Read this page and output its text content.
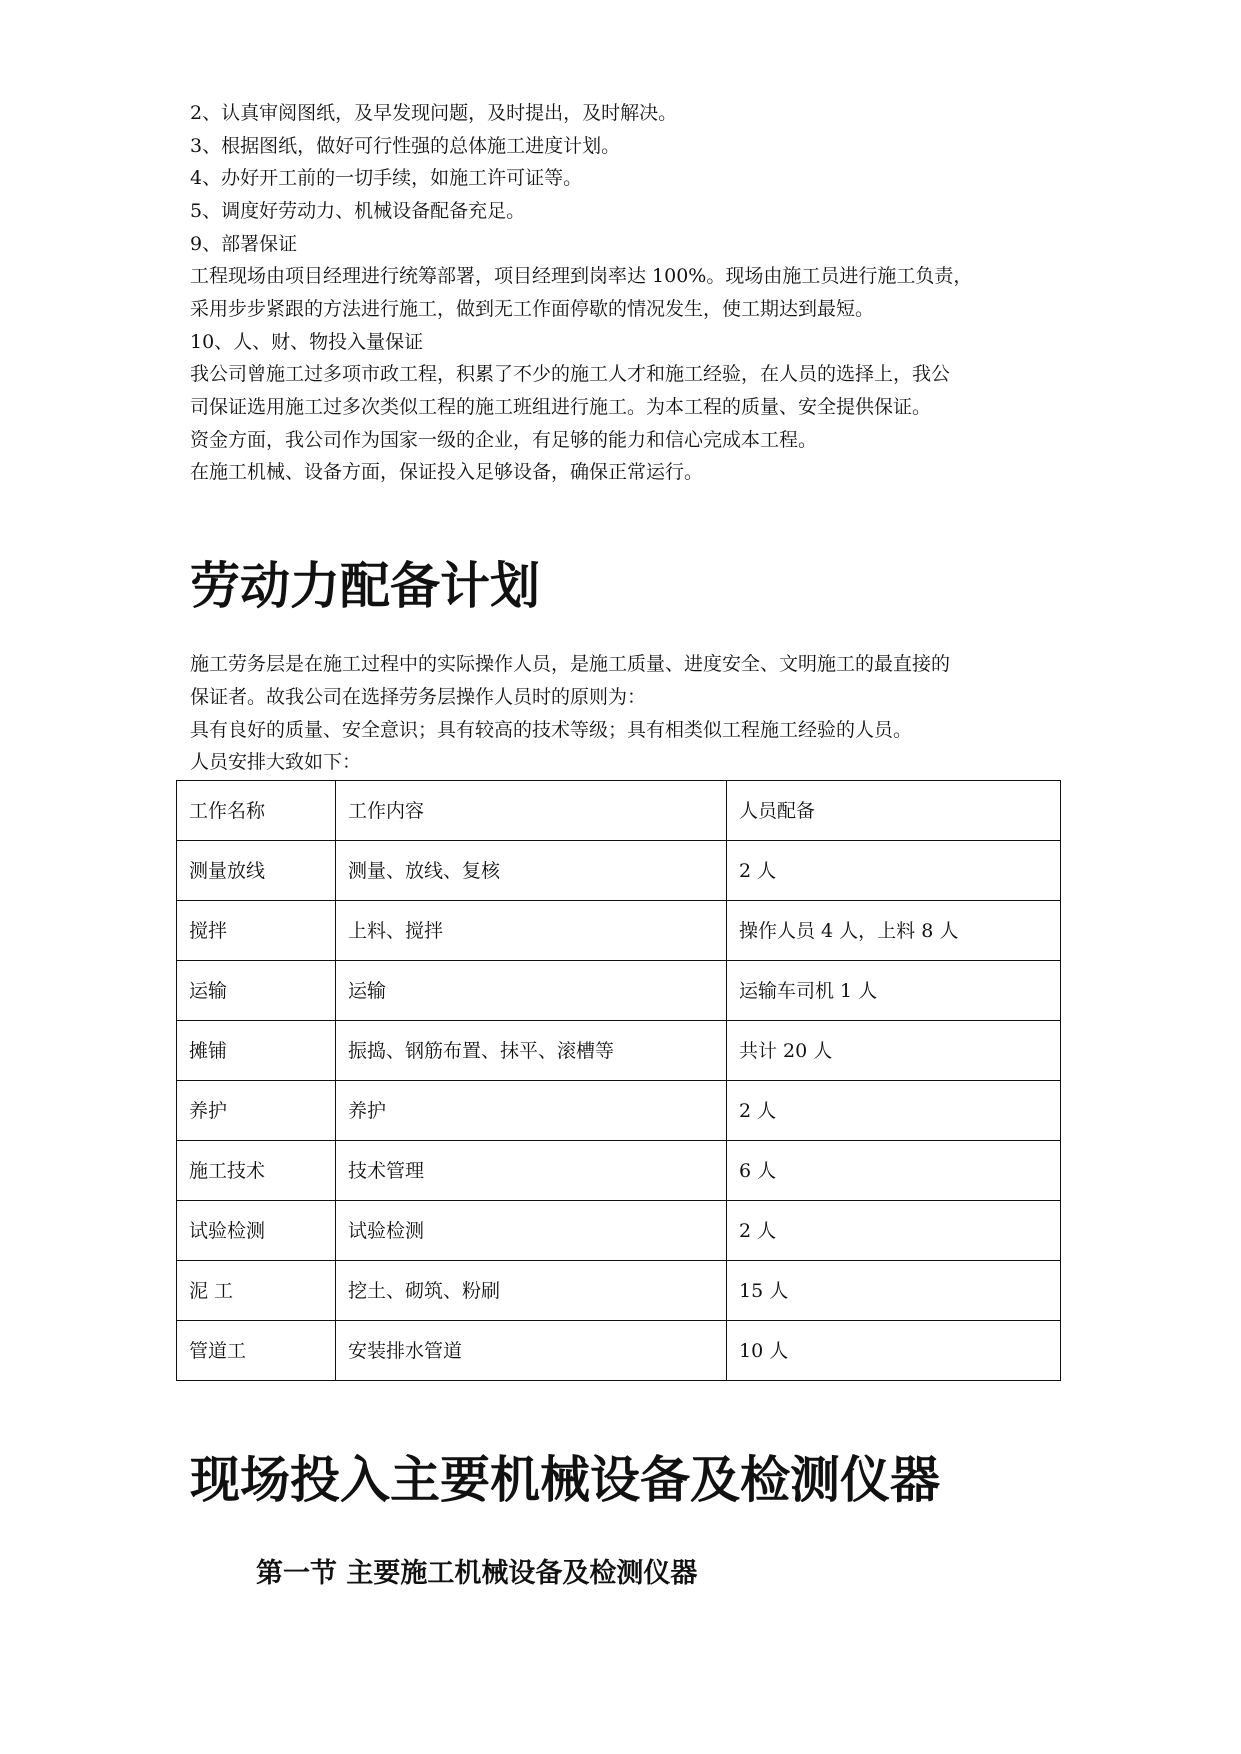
2、认真审阅图纸，及早发现问题，及时提出，及时解决。
3、根据图纸，做好可行性强的总体施工进度计划。
4、办好开工前的一切手续，如施工许可证等。
5、调度好劳动力、机械设备配备充足。
9、部署保证
工程现场由项目经理进行统筹部署，项目经理到岗率达 100%。现场由施工员进行施工负责，
采用步步紧跟的方法进行施工，做到无工作面停歇的情况发生，使工期达到最短。
10、人、财、物投入量保证
我公司曾施工过多项市政工程，积累了不少的施工人才和施工经验，在人员的选择上，我公
司保证选用施工过多次类似工程的施工班组进行施工。为本工程的质量、安全提供保证。
资金方面，我公司作为国家一级的企业，有足够的能力和信心完成本工程。
在施工机械、设备方面，保证投入足够设备，确保正常运行。
劳动力配备计划
施工劳务层是在施工过程中的实际操作人员，是施工质量、进度安全、文明施工的最直接的
保证者。故我公司在选择劳务层操作人员时的原则为：
具有良好的质量、安全意识；具有较高的技术等级；具有相类似工程施工经验的人员。
人员安排大致如下：
工作名称	工作内容	人员配备
测量放线	测量、放线、复核	2 人
搅拌	上料、搅拌	操作人员 4 人，上料 8 人
运输	运输	运输车司机 1 人
摊铺	振捣、钢筋布置、抹平、滚槽等	共计 20 人
养护	养护	2 人
施工技术	技术管理	6 人
试验检测	试验检测	2 人
泥 工	挖土、砌筑、粉刷	15 人
管道工	安装排水管道	10 人
现场投入主要机械设备及检测仪器
第一节 主要施工机械设备及检测仪器
